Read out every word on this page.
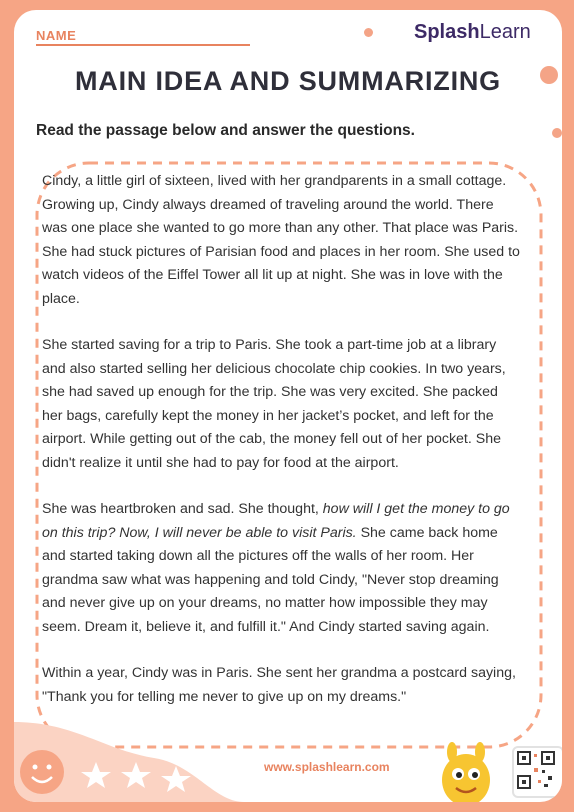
NAME	SplashLearn
MAIN IDEA AND SUMMARIZING
Read the passage below and answer the questions.

Cindy, a little girl of sixteen, lived with her grandparents in a small cottage. Growing up, Cindy always dreamed of traveling around the world. There was one place she wanted to go more than any other. That place was Paris. She had stuck pictures of Parisian food and places in her room. She used to watch videos of the Eiffel Tower all lit up at night. She was in love with the place.

She started saving for a trip to Paris. She took a part-time job at a library and also started selling her delicious chocolate chip cookies. In two years, she had saved up enough for the trip. She was very excited. She packed her bags, carefully kept the money in her jacket’s pocket, and left for the airport. While getting out of the cab, the money fell out of her pocket. She didn't realize it until she had to pay for food at the airport.

She was heartbroken and sad. She thought, how will I get the money to go on this trip? Now, I will never be able to visit Paris. She came back home and started taking down all the pictures off the walls of her room. Her grandma saw what was happening and told Cindy, "Never stop dreaming and never give up on your dreams, no matter how impossible they may seem. Dream it, believe it, and fulfill it." And Cindy started saving again.

Within a year, Cindy was in Paris. She sent her grandma a postcard saying, "Thank you for telling me never to give up on my dreams."

www.splashlearn.com
